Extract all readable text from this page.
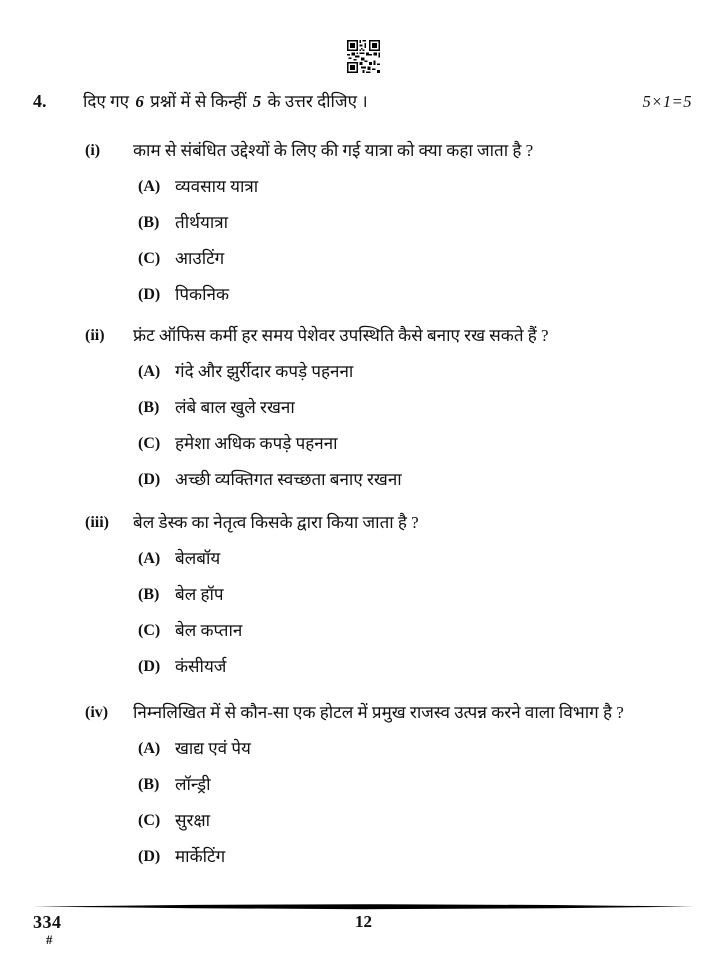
4.	दिए गए 6 प्रश्नों में से किन्हीं 5 के उत्तर दीजिए ।	5×1=5
(i)	काम से संबंधित उद्देश्यों के लिए की गई यात्रा को क्या कहा जाता है ?
(A) व्यवसाय यात्रा
(B) तीर्थयात्रा
(C) आउटिंग
(D) पिकनिक
(ii)	फ्रंट ऑफिस कर्मी हर समय पेशेवर उपस्थिति कैसे बनाए रख सकते हैं ?
(A) गंदे और झुर्रीदार कपड़े पहनना
(B) लंबे बाल खुले रखना
(C) हमेशा अधिक कपड़े पहनना
(D) अच्छी व्यक्तिगत स्वच्छता बनाए रखना
(iii)	बेल डेस्क का नेतृत्व किसके द्वारा किया जाता है ?
(A) बेलबॉय
(B) बेल हॉप
(C) बेल कप्तान
(D) कंसीयर्ज
(iv)	निम्नलिखित में से कौन-सा एक होटल में प्रमुख राजस्व उत्पन्न करने वाला विभाग है ?
(A) खाद्य एवं पेय
(B) लॉन्ड्री
(C) सुरक्षा
(D) मार्केटिंग
334
#
12
